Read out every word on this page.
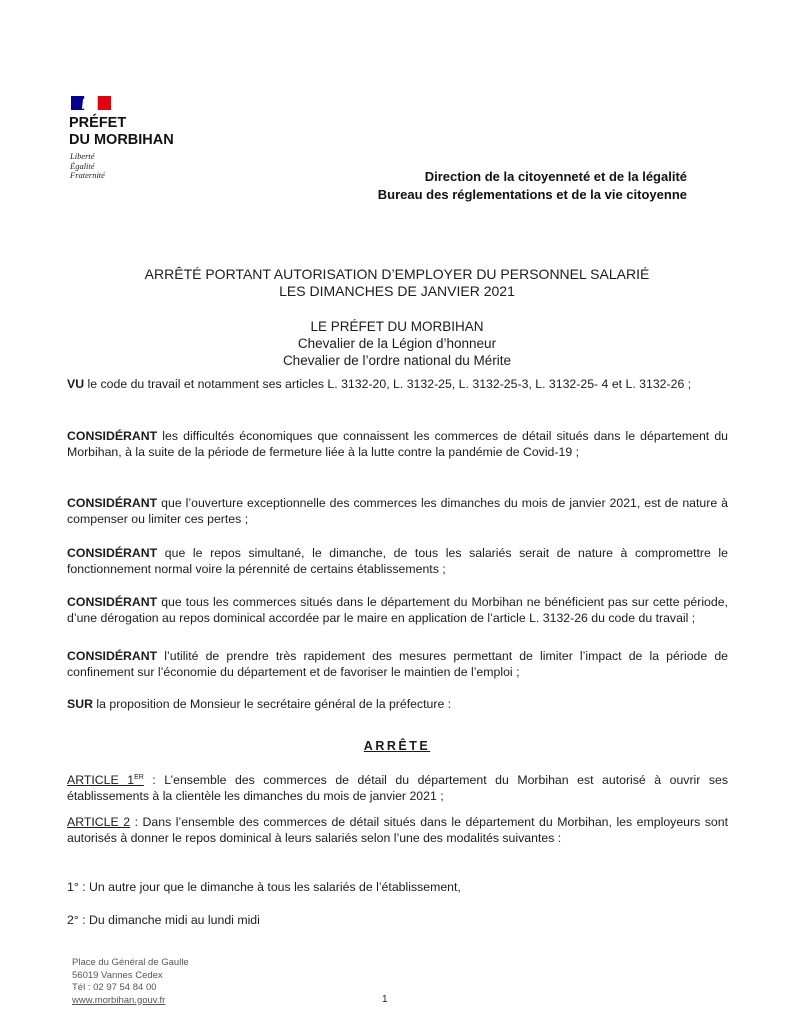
PRÉFET
DU MORBIHAN
Liberté
Égalité
Fraternité	Direction de la citoyenneté et de la légalité
Bureau des réglementations et de la vie citoyenne
ARRÊTÉ PORTANT AUTORISATION D’EMPLOYER DU PERSONNEL SALARIÉ
LES DIMANCHES DE JANVIER 2021
LE PRÉFET DU MORBIHAN
Chevalier de la Légion d’honneur
Chevalier de l’ordre national du Mérite

VU le code du travail et notamment ses articles L. 3132-20, L. 3132-25, L. 3132-25-3, L. 3132-25- 4 et L. 3132-26 ;

CONSIDÉRANT les difficultés économiques que connaissent les commerces de détail situés dans le département du Morbihan, à la suite de la période de fermeture liée à la lutte contre la pandémie de Covid-19 ;

CONSIDÉRANT que l’ouverture exceptionnelle des commerces les dimanches du mois de janvier 2021, est de nature à compenser ou limiter ces pertes ;

CONSIDÉRANT que le repos simultané, le dimanche, de tous les salariés serait de nature à compromettre le fonctionnement normal voire la pérennité de certains établissements ;

CONSIDÉRANT que tous les commerces situés dans le département du Morbihan ne bénéficient pas sur cette période, d’une dérogation au repos dominical accordée par le maire en application de l’article L. 3132-26 du code du travail ;

CONSIDÉRANT l’utilité de prendre très rapidement des mesures permettant de limiter l’impact de la période de confinement sur l’économie du département et de favoriser le maintien de l’emploi ;

SUR la proposition de Monsieur le secrétaire général de la préfecture :

ARRÊTE

ARTICLE 1ER : L’ensemble des commerces de détail du département du Morbihan est autorisé à ouvrir ses établissements à la clientèle les dimanches du mois de janvier 2021 ;

ARTICLE 2 : Dans l’ensemble des commerces de détail situés dans le département du Morbihan, les employeurs sont autorisés à donner le repos dominical à leurs salariés selon l’une des modalités suivantes :

1° : Un autre jour que le dimanche à tous les salariés de l’établissement,

2° : Du dimanche midi au lundi midi

Place du Général de Gaulle
56019 Vannes Cedex
Tél : 02 97 54 84 00
www.morbihan.gouv.fr	1
